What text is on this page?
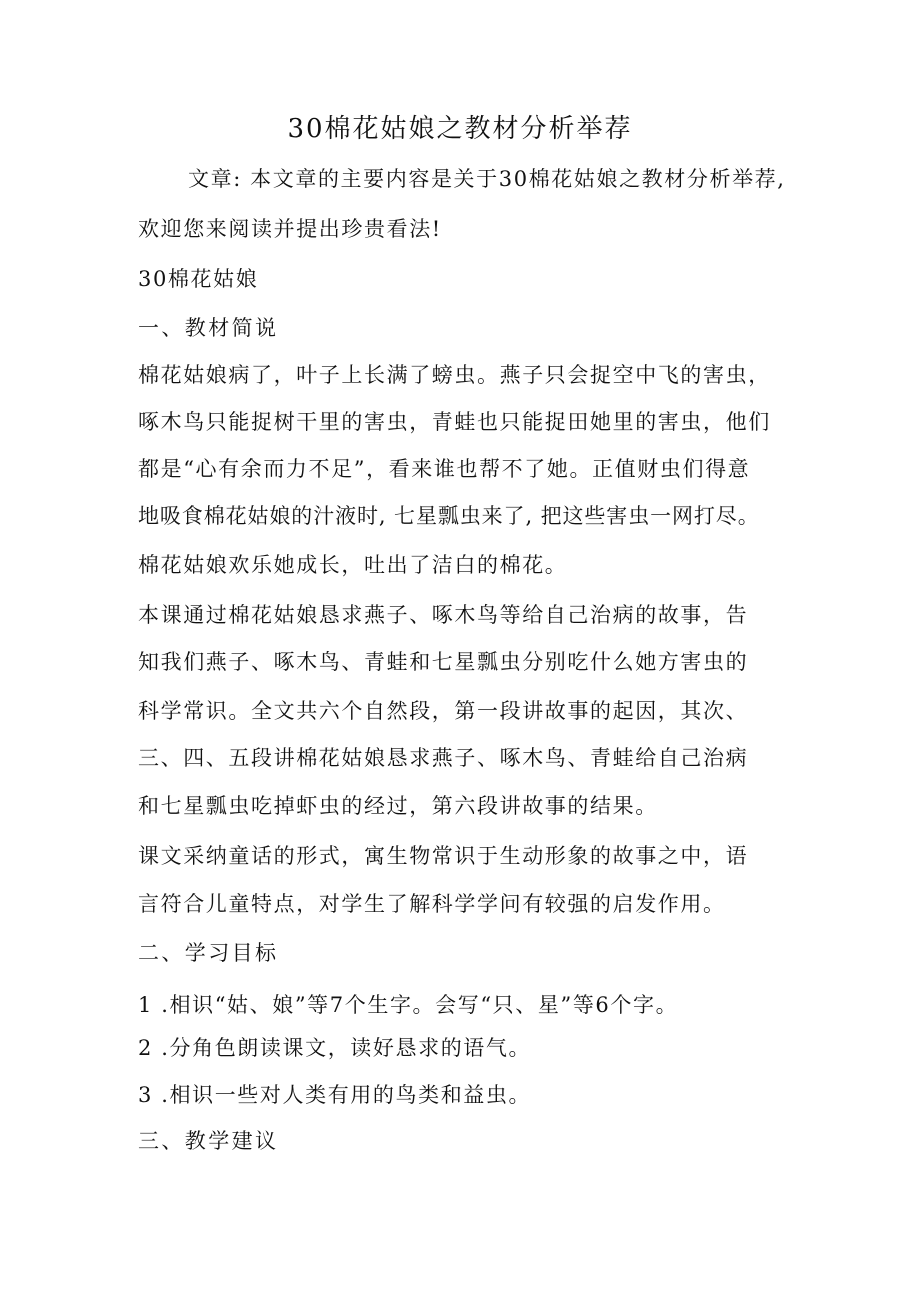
30棉花姑娘之教材分析举荐
文章: 本文章的主要内容是关于30棉花姑娘之教材分析举荐,
欢迎您来阅读并提出珍贵看法!
30棉花姑娘
一、教材简说
棉花姑娘病了，叶子上长满了螃虫。燕子只会捉空中飞的害虫，
啄木鸟只能捉树干里的害虫，青蛙也只能捉田她里的害虫，他们
都是“心有余而力不足”，看来谁也帮不了她。正值财虫们得意
地吸食棉花姑娘的汁液时, 七星瓢虫来了, 把这些害虫一网打尽。
棉花姑娘欢乐她成长，吐出了洁白的棉花。
本课通过棉花姑娘恳求燕子、啄木鸟等给自己治病的故事，告
知我们燕子、啄木鸟、青蛙和七星瓢虫分别吃什么她方害虫的
科学常识。全文共六个自然段，第一段讲故事的起因，其次、
三、四、五段讲棉花姑娘恳求燕子、啄木鸟、青蛙给自己治病
和七星瓢虫吃掉虾虫的经过，第六段讲故事的结果。
课文采纳童话的形式，寓生物常识于生动形象的故事之中，语
言符合儿童特点，对学生了解科学学问有较强的启发作用。
二、学习目标
1 .相识“姑、娘”等7个生字。会写“只、星”等6个字。
2 .分角色朗读课文，读好恳求的语气。
3 .相识一些对人类有用的鸟类和益虫。
三、教学建议
